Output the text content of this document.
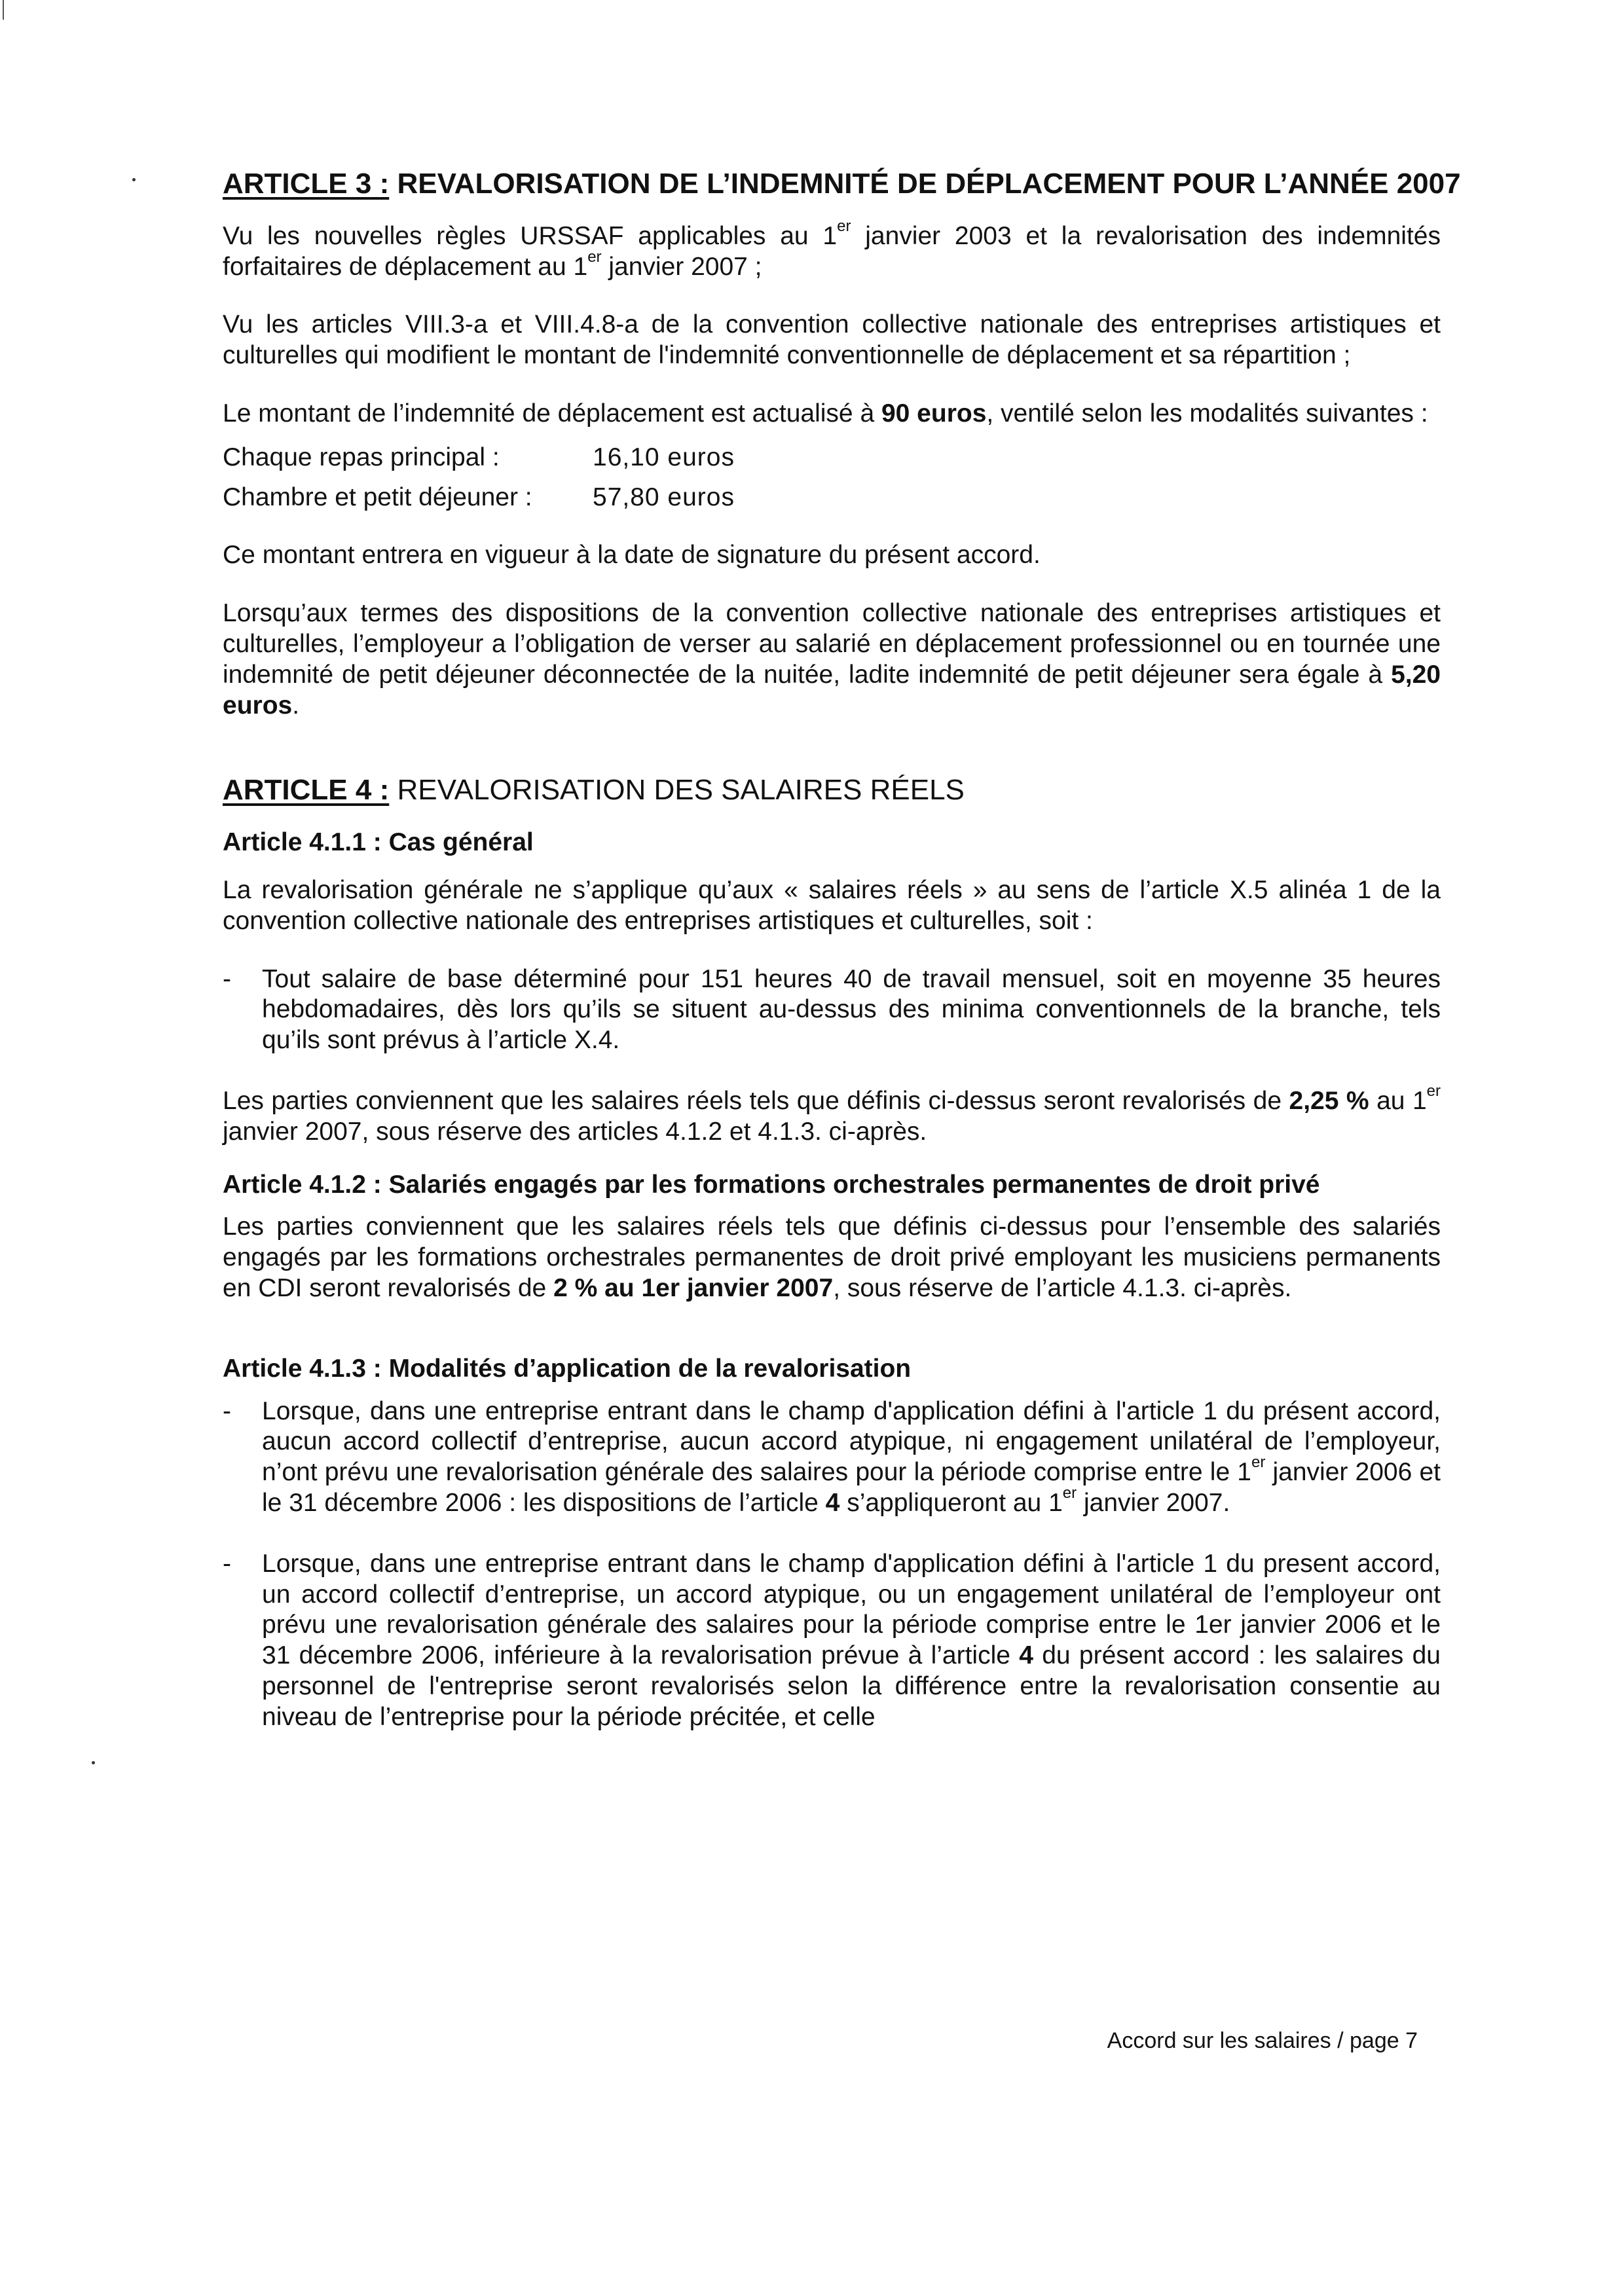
ARTICLE 3 : REVALORISATION DE L’INDEMNITÉ DE DÉPLACEMENT POUR L’ANNÉE 2007

Vu les nouvelles règles URSSAF applicables au 1er janvier 2003 et la revalorisation des indemnités forfaitaires de déplacement au 1er janvier 2007 ;

Vu les articles VIII.3-a et VIII.4.8-a de la convention collective nationale des entreprises artistiques et culturelles qui modifient le montant de l'indemnité conventionnelle de déplacement et sa répartition ;

Le montant de l’indemnité de déplacement est actualisé à 90 euros, ventilé selon les modalités suivantes :

Chaque repas principal :	16,10 euros
Chambre et petit déjeuner :	57,80 euros

Ce montant entrera en vigueur à la date de signature du présent accord.

Lorsqu’aux termes des dispositions de la convention collective nationale des entreprises artistiques et culturelles, l’employeur a l’obligation de verser au salarié en déplacement professionnel ou en tournée une indemnité de petit déjeuner déconnectée de la nuitée, ladite indemnité de petit déjeuner sera égale à 5,20 euros.

ARTICLE 4 : REVALORISATION DES SALAIRES RÉELS
Article 4.1.1 : Cas général

La revalorisation générale ne s’applique qu’aux « salaires réels » au sens de l’article X.5 alinéa 1 de la convention collective nationale des entreprises artistiques et culturelles, soit :

- Tout salaire de base déterminé pour 151 heures 40 de travail mensuel, soit en moyenne 35 heures hebdomadaires, dès lors qu’ils se situent au-dessus des minima conventionnels de la branche, tels qu’ils sont prévus à l’article X.4.

Les parties conviennent que les salaires réels tels que définis ci-dessus seront revalorisés de 2,25 % au 1er janvier 2007, sous réserve des articles 4.1.2 et 4.1.3. ci-après.

Article 4.1.2 : Salariés engagés par les formations orchestrales permanentes de droit privé

Les parties conviennent que les salaires réels tels que définis ci-dessus pour l’ensemble des salariés engagés par les formations orchestrales permanentes de droit privé employant les musiciens permanents en CDI seront revalorisés de 2 % au 1er janvier 2007, sous réserve de l’article 4.1.3. ci-après.

Article 4.1.3 : Modalités d’application de la revalorisation
- Lorsque, dans une entreprise entrant dans le champ d'application défini à l'article 1 du présent accord, aucun accord collectif d’entreprise, aucun accord atypique, ni engagement unilatéral de l’employeur, n’ont prévu une revalorisation générale des salaires pour la période comprise entre le 1er janvier 2006 et le 31 décembre 2006 : les dispositions de l’article 4 s’appliqueront au 1er janvier 2007.
- Lorsque, dans une entreprise entrant dans le champ d'application défini à l'article 1 du present accord, un accord collectif d’entreprise, un accord atypique, ou un engagement unilatéral de l’employeur ont prévu une revalorisation générale des salaires pour la période comprise entre le 1er janvier 2006 et le 31 décembre 2006, inférieure à la revalorisation prévue à l’article 4 du présent accord : les salaires du personnel de l'entreprise seront revalorisés selon la différence entre la revalorisation consentie au niveau de l’entreprise pour la période précitée, et celle
Accord sur les salaires / page 7
